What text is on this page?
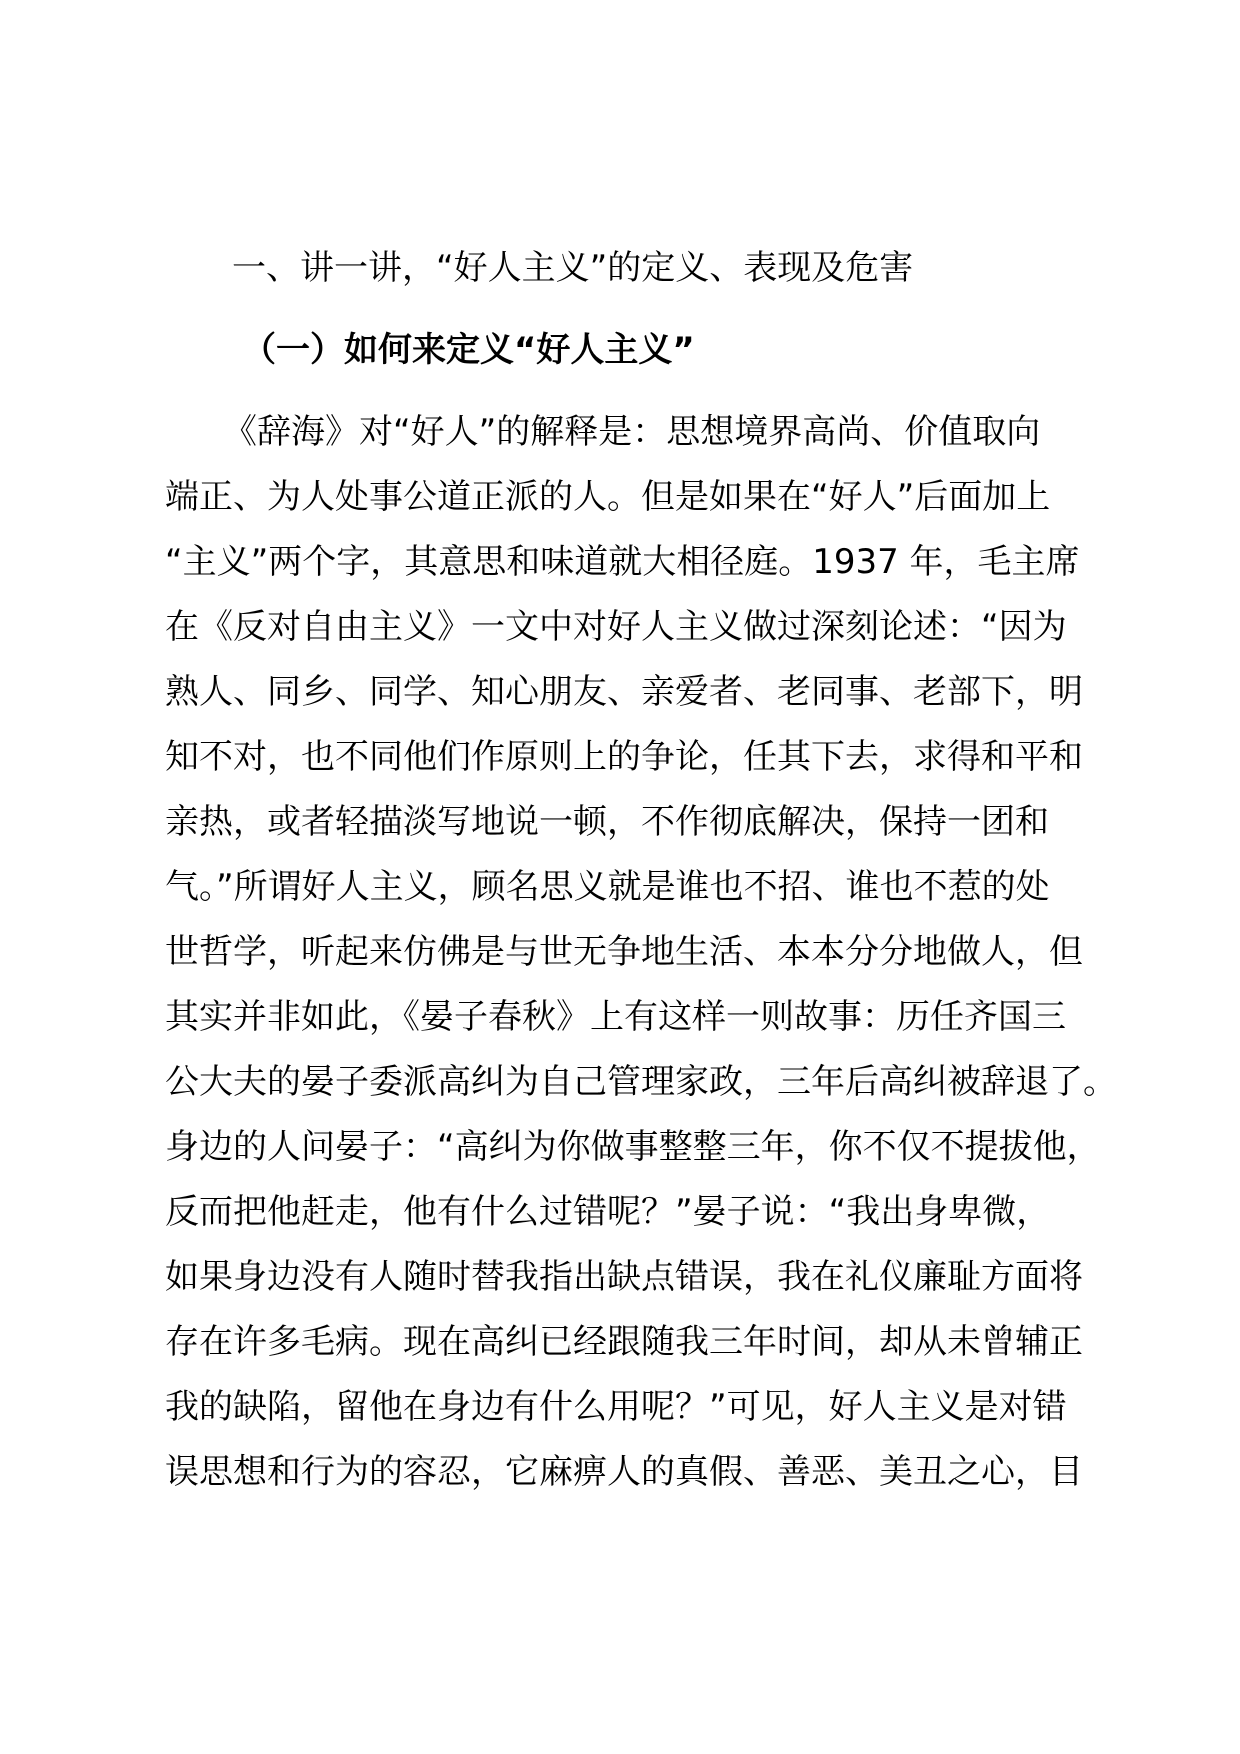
一、讲一讲，“好人主义”的定义、表现及危害
（一）如何来定义“好人主义”
《辞海》对“好人”的解释是：思想境界高尚、价值取向
端正、为人处事公道正派的人。但是如果在“好人”后面加上
“主义”两个字，其意思和味道就大相径庭。1937 年，毛主席
在《反对自由主义》一文中对好人主义做过深刻论述：“因为
熟人、同乡、同学、知心朋友、亲爱者、老同事、老部下，明
知不对，也不同他们作原则上的争论，任其下去，求得和平和
亲热，或者轻描淡写地说一顿，不作彻底解决，保持一团和
气。”所谓好人主义，顾名思义就是谁也不招、谁也不惹的处
世哲学，听起来仿佛是与世无争地生活、本本分分地做人，但
其实并非如此，《晏子春秋》上有这样一则故事：历任齐国三
公大夫的晏子委派高纠为自己管理家政，三年后高纠被辞退了。
身边的人问晏子：“高纠为你做事整整三年，你不仅不提拔他，
反而把他赶走，他有什么过错呢？”晏子说：“我出身卑微，
如果身边没有人随时替我指出缺点错误，我在礼仪廉耻方面将
存在许多毛病。现在高纠已经跟随我三年时间，却从未曾辅正
我的缺陷，留他在身边有什么用呢？”可见，好人主义是对错
误思想和行为的容忍，它麻痹人的真假、善恶、美丑之心，目
